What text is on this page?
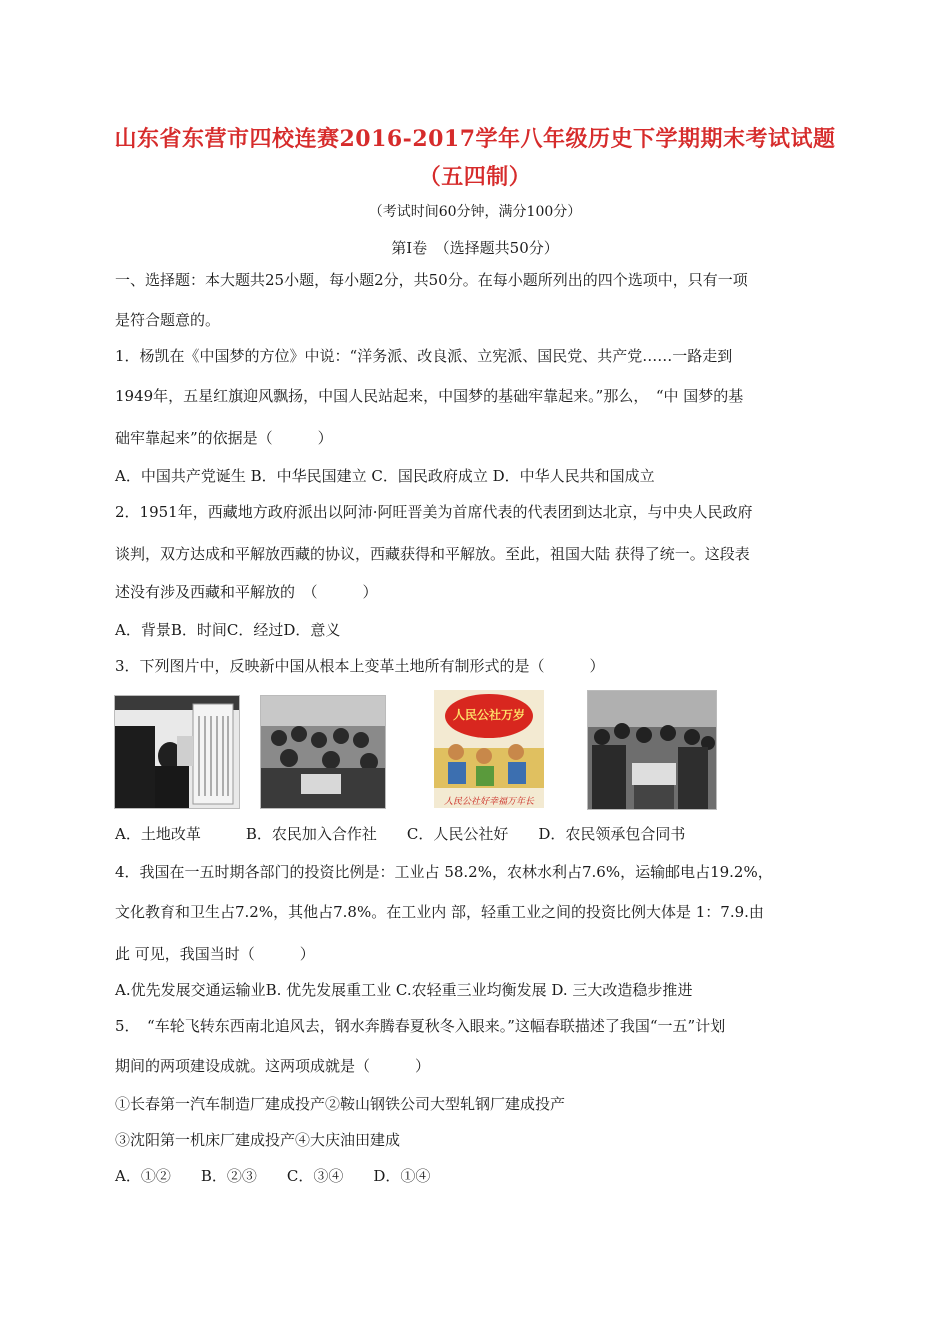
山东省东营市四校连赛2016-2017学年八年级历史下学期期末考试试题
（五四制）
（考试时间60分钟，满分100分）
第Ⅰ卷　（选择题共50分）
一、选择题：本大题共25小题，每小题2分，共50分。在每小题所列出的四个选项中，只有一项
是符合题意的。
1．杨凯在《中国梦的方位》中说：“洋务派、改良派、立宪派、国民党、共产党……一路走到
1949年，五星红旗迎风飘扬，中国人民站起来，中国梦的基础牢靠起来。”那么，　“中 国梦的基
础牢靠起来”的依据是（　　　）
A．中国共产党诞生 B．中华民国建立 C．国民政府成立 D．中华人民共和国成立
2．1951年，西藏地方政府派出以阿沛·阿旺晋美为首席代表的代表团到达北京，与中央人民政府
谈判，双方达成和平解放西藏的协议，西藏获得和平解放。至此，祖国大陆 获得了统一。这段表
述没有涉及西藏和平解放的　（　　　）
A．背景B．时间C．经过D．意义
3．下列图片中，反映新中国从根本上变革土地所有制形式的是（　　　）
人民公社万岁
人民公社好幸福万年长
A．土地改革　　　B．农民加入合作社　　C．人民公社好　　D．农民领承包合同书
4．我国在一五时期各部门的投资比例是：工业占 58.2%，农林水利占7.6%，运输邮电占19.2%，
文化教育和卫生占7.2%，其他占7.8%。在工业内 部，轻重工业之间的投资比例大体是 1：7.9.由
此 可见，我国当时（　　　）
A.优先发展交通运输业B. 优先发展重工业 C.农轻重三业均衡发展 D. 三大改造稳步推进
5．　“车轮飞转东西南北追风去，钢水奔腾春夏秋冬入眼来。”这幅春联描述了我国“一五”计划
期间的两项建设成就。这两项成就是（　　　）
①长春第一汽车制造厂建成投产②鞍山钢铁公司大型轧钢厂建成投产
③沈阳第一机床厂建成投产④大庆油田建成
A．①②　　B．②③　　C．③④　　D．①④
